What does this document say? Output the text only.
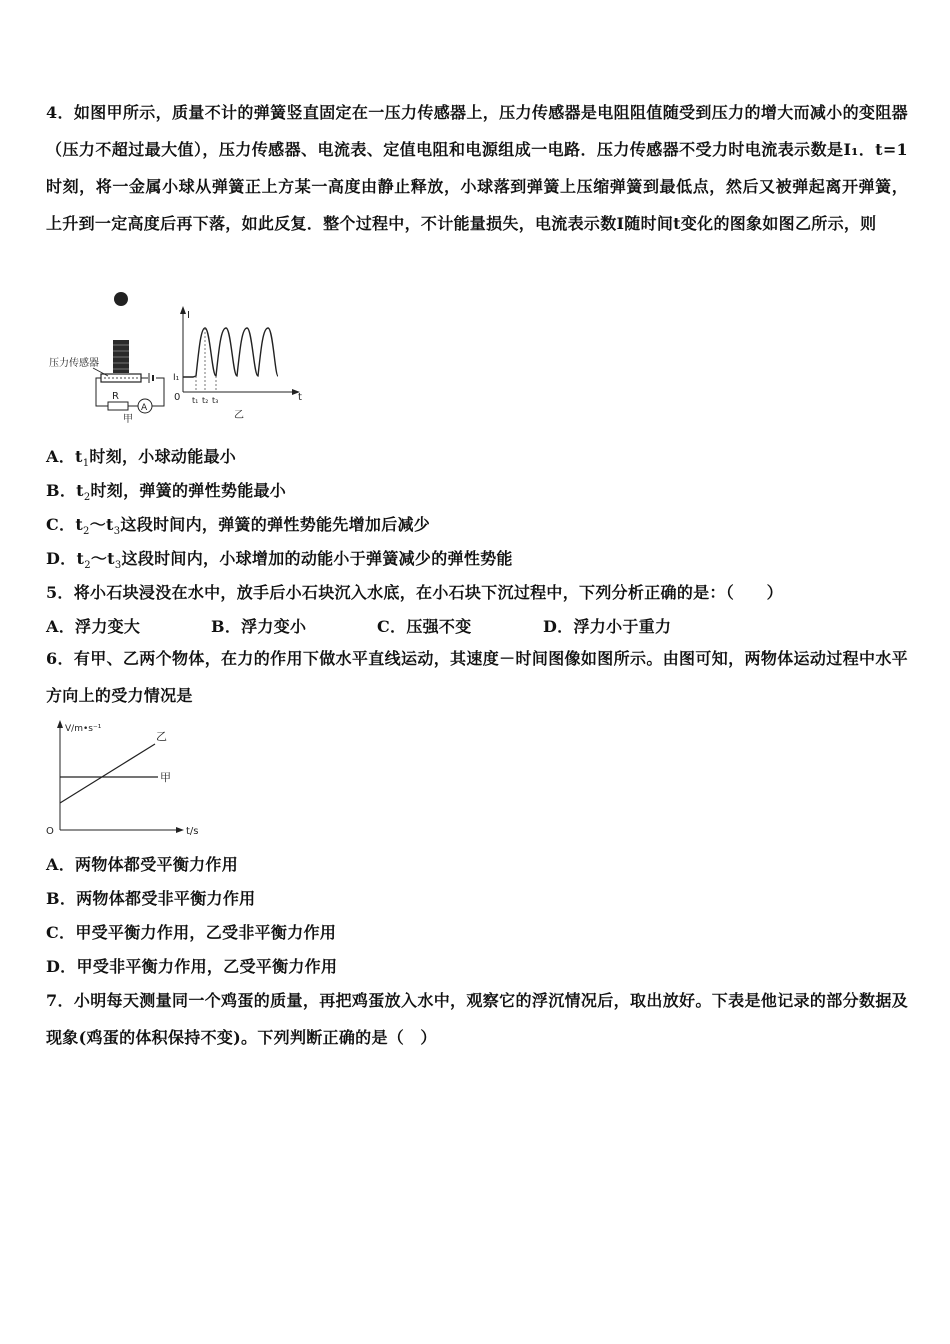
4．如图甲所示，质量不计的弹簧竖直固定在一压力传感器上，压力传感器是电阻阻值随受到压力的增大而减小的变阻器（压力不超过最大值），压力传感器、电流表、定值电阻和电源组成一电路．压力传感器不受力时电流表示数是I₁．t=1时刻，将一金属小球从弹簧正上方某一高度由静止释放，小球落到弹簧上压缩弹簧到最低点，然后又被弹起离开弹簧，上升到一定高度后再下落，如此反复．整个过程中，不计能量损失，电流表示数I随时间t变化的图象如图乙所示，则
压力传感器
R
A
甲
I
t
0
I₁
t₁ t₂ t₃
乙
A．$t_1$时刻，小球动能最小
B．$t_2$时刻，弹簧的弹性势能最小
C．$t_2\sim t_3$这段时间内，弹簧的弹性势能先增加后减少
D．$t_2\sim t_3$这段时间内，小球增加的动能小于弹簧减少的弹性势能
5．将小石块浸没在水中，放手后小石块沉入水底，在小石块下沉过程中，下列分析正确的是：（　　）
A．浮力变大	B．浮力变小	C．压强不变	D．浮力小于重力
6．有甲、乙两个物体，在力的作用下做水平直线运动，其速度－时间图像如图所示。由图可知，两物体运动过程中水平方向上的受力情况是
V/m•s⁻¹
t/s
O
乙
甲
A．两物体都受平衡力作用
B．两物体都受非平衡力作用
C．甲受平衡力作用，乙受非平衡力作用
D．甲受非平衡力作用，乙受平衡力作用
7．小明每天测量同一个鸡蛋的质量，再把鸡蛋放入水中，观察它的浮沉情况后，取出放好。下表是他记录的部分数据及现象(鸡蛋的体积保持不变)。下列判断正确的是（　）
